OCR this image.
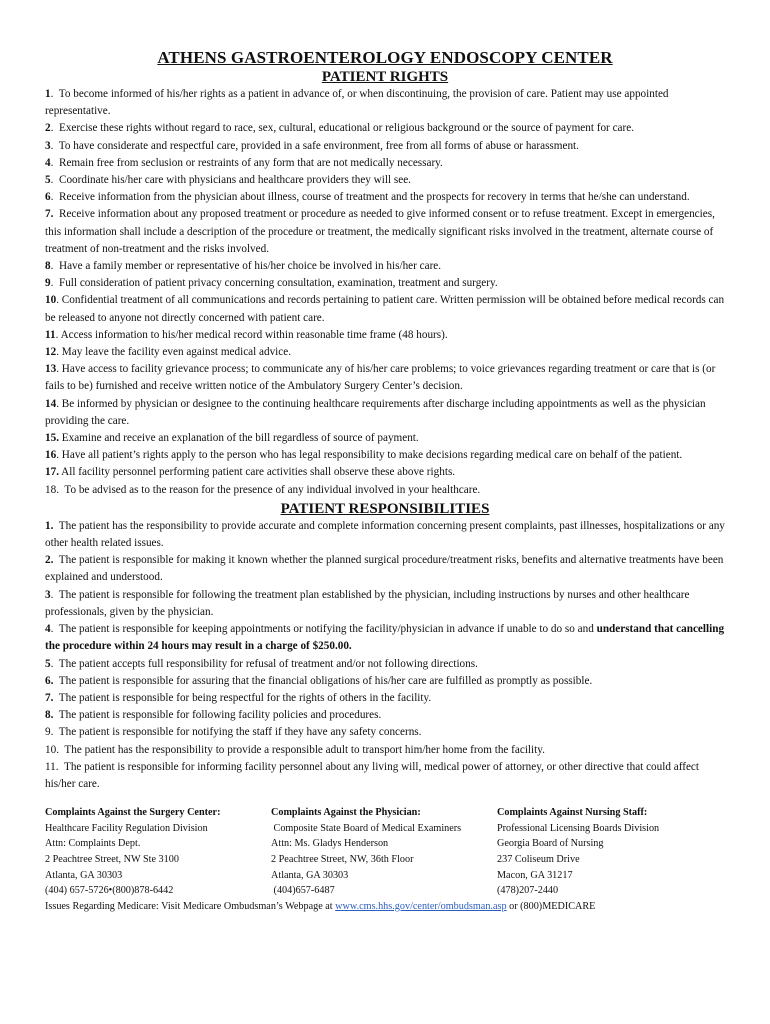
ATHENS GASTROENTEROLOGY ENDOSCOPY CENTER
PATIENT RIGHTS

1.  To become informed of his/her rights as a patient in advance of, or when discontinuing, the provision of care. Patient may use appointed representative.

2.  Exercise these rights without regard to race, sex, cultural, educational or religious background or the source of payment for care.

3.  To have considerate and respectful care, provided in a safe environment, free from all forms of abuse or harassment.

4.  Remain free from seclusion or restraints of any form that are not medically necessary.

5.  Coordinate his/her care with physicians and healthcare providers they will see.

6.  Receive information from the physician about illness, course of treatment and the prospects for recovery in terms that he/she can understand.

7. Receive information about any proposed treatment or procedure as needed to give informed consent or to refuse treatment. Except in emergencies, this information shall include a description of the procedure or treatment, the medically significant risks involved in the treatment, alternate course of treatment of non-treatment and the risks involved.

8.  Have a family member or representative of his/her choice be involved in his/her care.

9.  Full consideration of patient privacy concerning consultation, examination, treatment and surgery.

10. Confidential treatment of all communications and records pertaining to patient care. Written permission will be obtained before medical records can be released to anyone not directly concerned with patient care.

11. Access information to his/her medical record within reasonable time frame (48 hours).

12. May leave the facility even against medical advice.

13. Have access to facility grievance process; to communicate any of his/her care problems; to voice grievances regarding treatment or care that is (or fails to be) furnished and receive written notice of the Ambulatory Surgery Center’s decision.

14. Be informed by physician or designee to the continuing healthcare requirements after discharge including appointments as well as the physician providing the care.

15. Examine and receive an explanation of the bill regardless of source of payment.

16. Have all patient’s rights apply to the person who has legal responsibility to make decisions regarding medical care on behalf of the patient.

17. All facility personnel performing patient care activities shall observe these above rights.

18.  To be advised as to the reason for the presence of any individual involved in your healthcare.

PATIENT RESPONSIBILITIES

1. The patient has the responsibility to provide accurate and complete information concerning present complaints, past illnesses, hospitalizations or any other health related issues.

2. The patient is responsible for making it known whether the planned surgical procedure/treatment risks, benefits and alternative treatments have been explained and understood.

3.  The patient is responsible for following the treatment plan established by the physician, including instructions by nurses and other healthcare professionals, given by the physician.

4.  The patient is responsible for keeping appointments or notifying the facility/physician in advance if unable to do so and understand that cancelling the procedure within 24 hours may result in a charge of $250.00.

5.  The patient accepts full responsibility for refusal of treatment and/or not following directions.

6. The patient is responsible for assuring that the financial obligations of his/her care are fulfilled as promptly as possible.

7. The patient is responsible for being respectful for the rights of others in the facility.

8. The patient is responsible for following facility policies and procedures.

9.  The patient is responsible for notifying the staff if they have any safety concerns.

10.  The patient has the responsibility to provide a responsible adult to transport him/her home from the facility.

11.  The patient is responsible for informing facility personnel about any living will, medical power of attorney, or other directive that could affect his/her care.

Complaints Against the Surgery Center:
Healthcare Facility Regulation Division
Attn: Complaints Dept.
2 Peachtree Street, NW Ste 3100
Atlanta, GA 30303
(404) 657-5726•(800)878-6442
Complaints Against the Physician:
Composite State Board of Medical Examiners
Attn: Ms. Gladys Henderson
2 Peachtree Street, NW, 36th Floor
Atlanta, GA 30303
(404)657-6487
Complaints Against Nursing Staff:
Professional Licensing Boards Division
Georgia Board of Nursing
237 Coliseum Drive
Macon, GA 31217
(478)207-2440
Issues Regarding Medicare: Visit Medicare Ombudsman’s Webpage at www.cms.hhs.gov/center/ombudsman.asp or (800)MEDICARE
